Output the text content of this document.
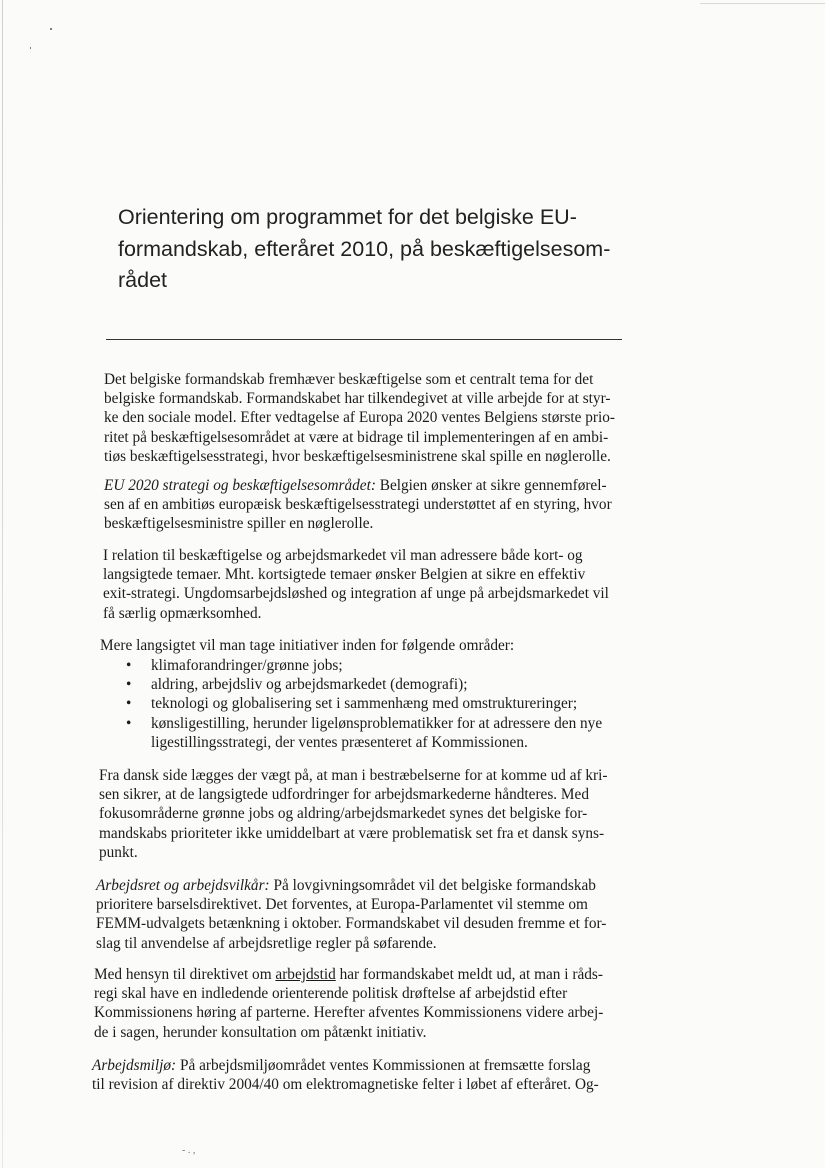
Orientering om programmet for det belgiske EU-
formandskab, efteråret 2010, på beskæftigelsesom-
rådet

Det belgiske formandskab fremhæver beskæftigelse som et centralt tema for det
belgiske formandskab. Formandskabet har tilkendegivet at ville arbejde for at styr-
ke den sociale model. Efter vedtagelse af Europa 2020 ventes Belgiens største prio-
ritet på beskæftigelsesområdet at være at bidrage til implementeringen af en ambi-
tiøs beskæftigelsesstrategi, hvor beskæftigelsesministrene skal spille en nøglerolle.

EU 2020 strategi og beskæftigelsesområdet: Belgien ønsker at sikre gennemførel-
sen af en ambitiøs europæisk beskæftigelsesstrategi understøttet af en styring, hvor
beskæftigelsesministre spiller en nøglerolle.

I relation til beskæftigelse og arbejdsmarkedet vil man adressere både kort- og
langsigtede temaer. Mht. kortsigtede temaer ønsker Belgien at sikre en effektiv
exit-strategi. Ungdomsarbejdsløshed og integration af unge på arbejdsmarkedet vil
få særlig opmærksomhed.

Mere langsigtet vil man tage initiativer inden for følgende områder:

• klimaforandringer/grønne jobs;
• aldring, arbejdsliv og arbejdsmarkedet (demografi);
• teknologi og globalisering set i sammenhæng med omstruktureringer;
• kønsligestilling, herunder ligelønsproblematikker for at adressere den nye
ligestillingsstrategi, der ventes præsenteret af Kommissionen.

Fra dansk side lægges der vægt på, at man i bestræbelserne for at komme ud af kri-
sen sikrer, at de langsigtede udfordringer for arbejdsmarkederne håndteres. Med
fokusområderne grønne jobs og aldring/arbejdsmarkedet synes det belgiske for-
mandskabs prioriteter ikke umiddelbart at være problematisk set fra et dansk syns-
punkt.

Arbejdsret og arbejdsvilkår: På lovgivningsområdet vil det belgiske formandskab
prioritere barselsdirektivet. Det forventes, at Europa-Parlamentet vil stemme om
FEMM-udvalgets betænkning i oktober. Formandskabet vil desuden fremme et for-
slag til anvendelse af arbejdsretlige regler på søfarende.

Med hensyn til direktivet om arbejdstid har formandskabet meldt ud, at man i råds-
regi skal have en indledende orienterende politisk drøftelse af arbejdstid efter
Kommissionens høring af parterne. Herefter afventes Kommissionens videre arbej-
de i sagen, herunder konsultation om påtænkt initiativ.

Arbejdsmiljø: På arbejdsmiljøområdet ventes Kommissionen at fremsætte forslag
til revision af direktiv 2004/40 om elektromagnetiske felter i løbet af efteråret. Og-

- . ,
